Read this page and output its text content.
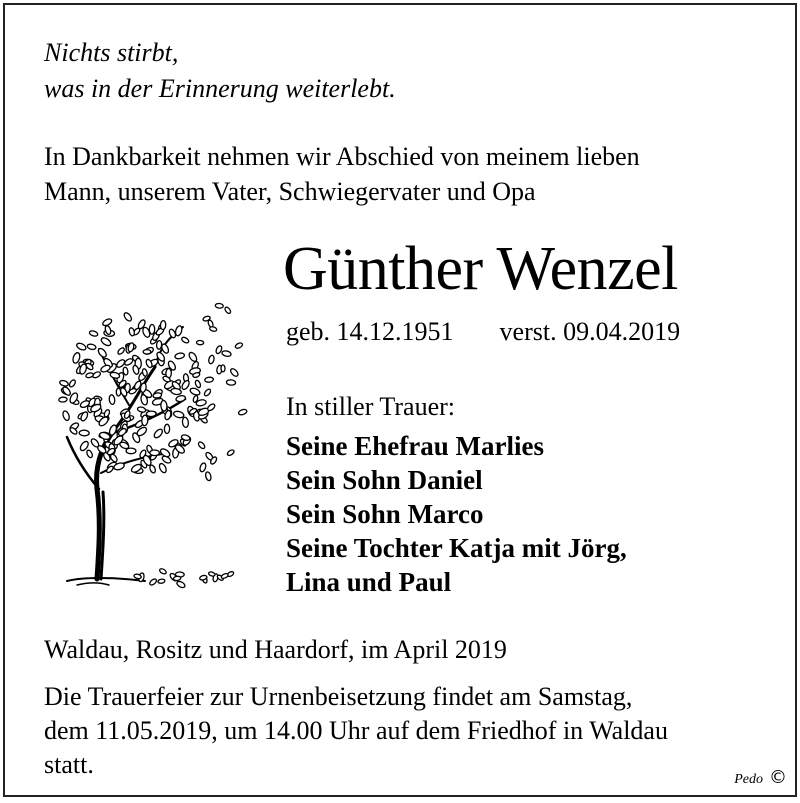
Nichts stirbt,
was in der Erinnerung weiterlebt.
In Dankbarkeit nehmen wir Abschied von meinem lieben
Mann, unserem Vater, Schwiegervater und Opa
Günther Wenzel
geb. 14.12.1951 verst. 09.04.2019
In stiller Trauer:
Seine Ehefrau Marlies
Sein Sohn Daniel
Sein Sohn Marco
Seine Tochter Katja mit Jörg,
Lina und Paul
Waldau, Rositz und Haardorf, im April 2019
Die Trauerfeier zur Urnenbeisetzung findet am Samstag,
dem 11.05.2019, um 14.00 Uhr auf dem Friedhof in Waldau
statt.
Pedo ©
